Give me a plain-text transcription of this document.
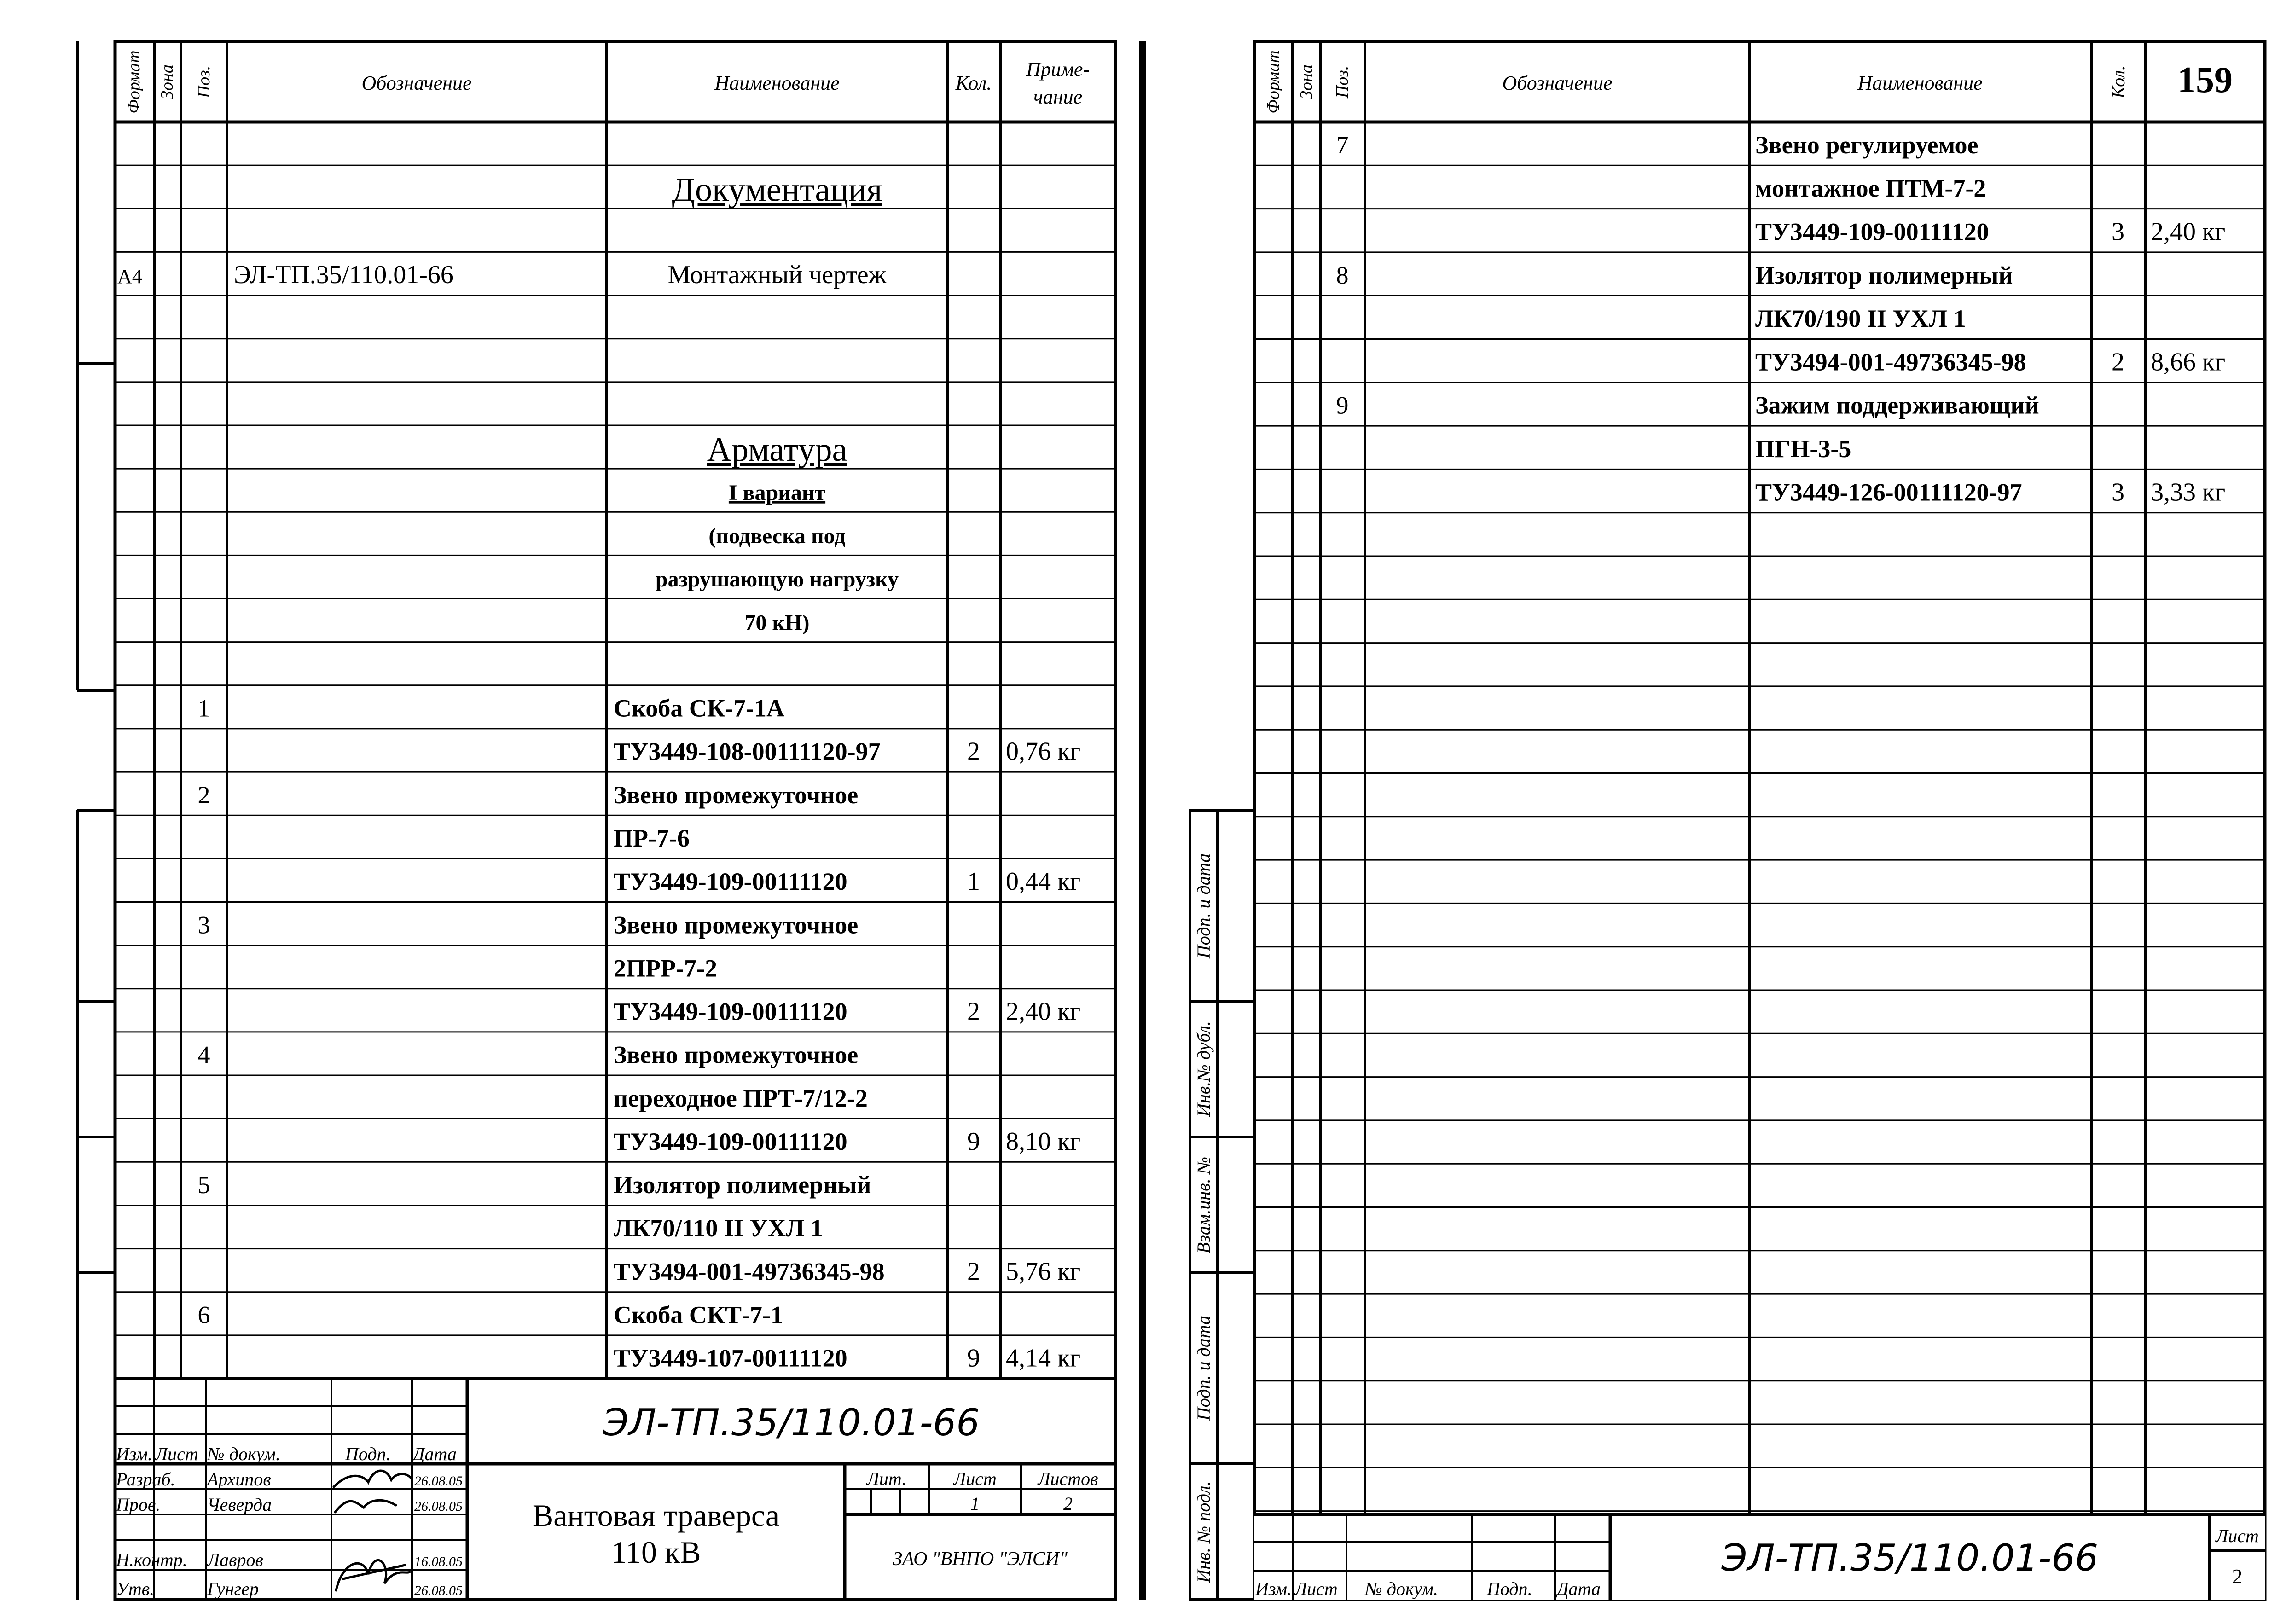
Формат Зона Поз.	Обозначение	Наименование	Кол.
Приме-
чание
Документация
А4	ЭЛ-ТП.35/110.01-66	Монтажный чертеж
Арматура
I вариант
(подвеска под
разрушающую нагрузку
70 кН)
1	Скоба СК-7-1А
ТУ3449-108-00111120-97	2 0,76 кг
2	Звено промежуточное
ПР-7-6
ТУ3449-109-00111120	1 0,44 кг
3	Звено промежуточное
2ПРР-7-2
ТУ3449-109-00111120	2 2,40 кг
4	Звено промежуточное
переходное ПРТ-7/12-2
ТУ3449-109-00111120	9 8,10 кг
5	Изолятор полимерный
ЛК70/110 II УХЛ 1
ТУ3494-001-49736345-98	2 5,76 кг
6	Скоба СКТ-7-1
ТУ3449-107-00111120	9 4,14 кг
Изм. Лист № докум.	Подп. Дата
Разраб. Архипов	26.08.05
Пров.	Чеверда	26.08.05
Н.контр. Лавров	16.08.05
Утв.	Гунгер	26.08.05
Лит.	Лист Листов
1	2
ЗАО "ВНПО "ЭЛСИ"
ЭЛ-ТП.35/110.01-66
Вантовая траверса
110 кВ
Подп. и дата
Инв.№ дубл.
Взам.инв. №
Подп. и дата
Инв. № подл.
Формат Зона Поз.	Обозначение	Наименование	Кол. 159
7	Звено регулируемое
монтажное ПТМ-7-2
ТУ3449-109-00111120	3 2,40 кг
8	Изолятор полимерный
ЛК70/190 II УХЛ 1
ТУ3494-001-49736345-98	2 8,66 кг
9	Зажим поддерживающий
ПГН-3-5
ТУ3449-126-00111120-97	3 3,33 кг
Изм. Лист № докум.	Подп. Дата
Лист
2
ЭЛ-ТП.35/110.01-66
